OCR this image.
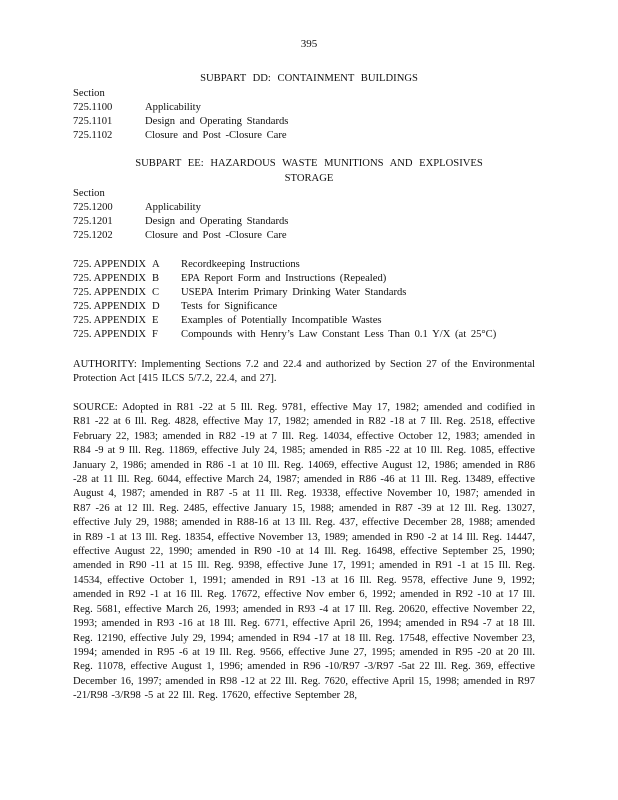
395
SUBPART DD: CONTAINMENT BUILDINGS
Section
725.1100	Applicability
725.1101	Design and Operating Standards
725.1102	Closure and Post -Closure Care
SUBPART EE: HAZARDOUS WASTE MUNITIONS AND EXPLOSIVES
STORAGE
Section
725.1200	Applicability
725.1201	Design and Operating Standards
725.1202	Closure and Post -Closure Care
725. APPENDIX A Recordkeeping Instructions
725. APPENDIX B EPA Report Form and Instructions (Repealed)
725. APPENDIX C USEPA Interim Primary Drinking Water Standards
725. APPENDIX D Tests for Significance
725. APPENDIX E Examples of Potentially Incompatible Wastes
725. APPENDIX F Compounds with Henry’s Law Constant Less Than 0.1 Y/X (at 25°C)
AUTHORITY: Implementing Sections 7.2 and 22.4 and authorized by Section 27 of the Environmental Protection Act [415 ILCS 5/7.2, 22.4, and 27].
SOURCE: Adopted in R81 -22 at 5 Ill. Reg. 9781, effective May 17, 1982; amended and codified in R81 -22 at 6 Ill. Reg. 4828, effective May 17, 1982; amended in R82 -18 at 7 Ill. Reg. 2518, effective February 22, 1983; amended in R82 -19 at 7 Ill. Reg. 14034, effective October 12, 1983; amended in R84 -9 at 9 Ill. Reg. 11869, effective July 24, 1985; amended in R85 -22 at 10 Ill. Reg. 1085, effective January 2, 1986; amended in R86 -1 at 10 Ill. Reg. 14069, effective August 12, 1986; amended in R86 -28 at 11 Ill. Reg. 6044, effective March 24, 1987; amended in R86 -46 at 11 Ill. Reg. 13489, effective August 4, 1987; amended in R87 -5 at 11 Ill. Reg. 19338, effective November 10, 1987; amended in R87 -26 at 12 Ill. Reg. 2485, effective January 15, 1988; amended in R87 -39 at 12 Ill. Reg. 13027, effective July 29, 1988; amended in R88-16 at 13 Ill. Reg. 437, effective December 28, 1988; amended in R89 -1 at 13 Ill. Reg. 18354, effective November 13, 1989; amended in R90 -2 at 14 Ill. Reg. 14447, effective August 22, 1990; amended in R90 -10 at 14 Ill. Reg. 16498, effective September 25, 1990; amended in R90 -11 at 15 Ill. Reg. 9398, effective June 17, 1991; amended in R91 -1 at 15 Ill. Reg. 14534, effective October 1, 1991; amended in R91 -13 at 16 Ill. Reg. 9578, effective June 9, 1992; amended in R92 -1 at 16 Ill. Reg. 17672, effective Nov ember 6, 1992; amended in R92 -10 at 17 Ill. Reg. 5681, effective March 26, 1993; amended in R93 -4 at 17 Ill. Reg. 20620, effective November 22, 1993; amended in R93 -16 at 18 Ill. Reg. 6771, effective April 26, 1994; amended in R94 -7 at 18 Ill. Reg. 12190, effective July 29, 1994; amended in R94 -17 at 18 Ill. Reg. 17548, effective November 23, 1994; amended in R95 -6 at 19 Ill. Reg. 9566, effective June 27, 1995; amended in R95 -20 at 20 Ill. Reg. 11078, effective August 1, 1996; amended in R96 -10/R97 -3/R97 -5at 22 Ill. Reg. 369, effective December 16, 1997; amended in R98 -12 at 22 Ill. Reg. 7620, effective April 15, 1998; amended in R97 -21/R98 -3/R98 -5 at 22 Ill. Reg. 17620, effective September 28,
